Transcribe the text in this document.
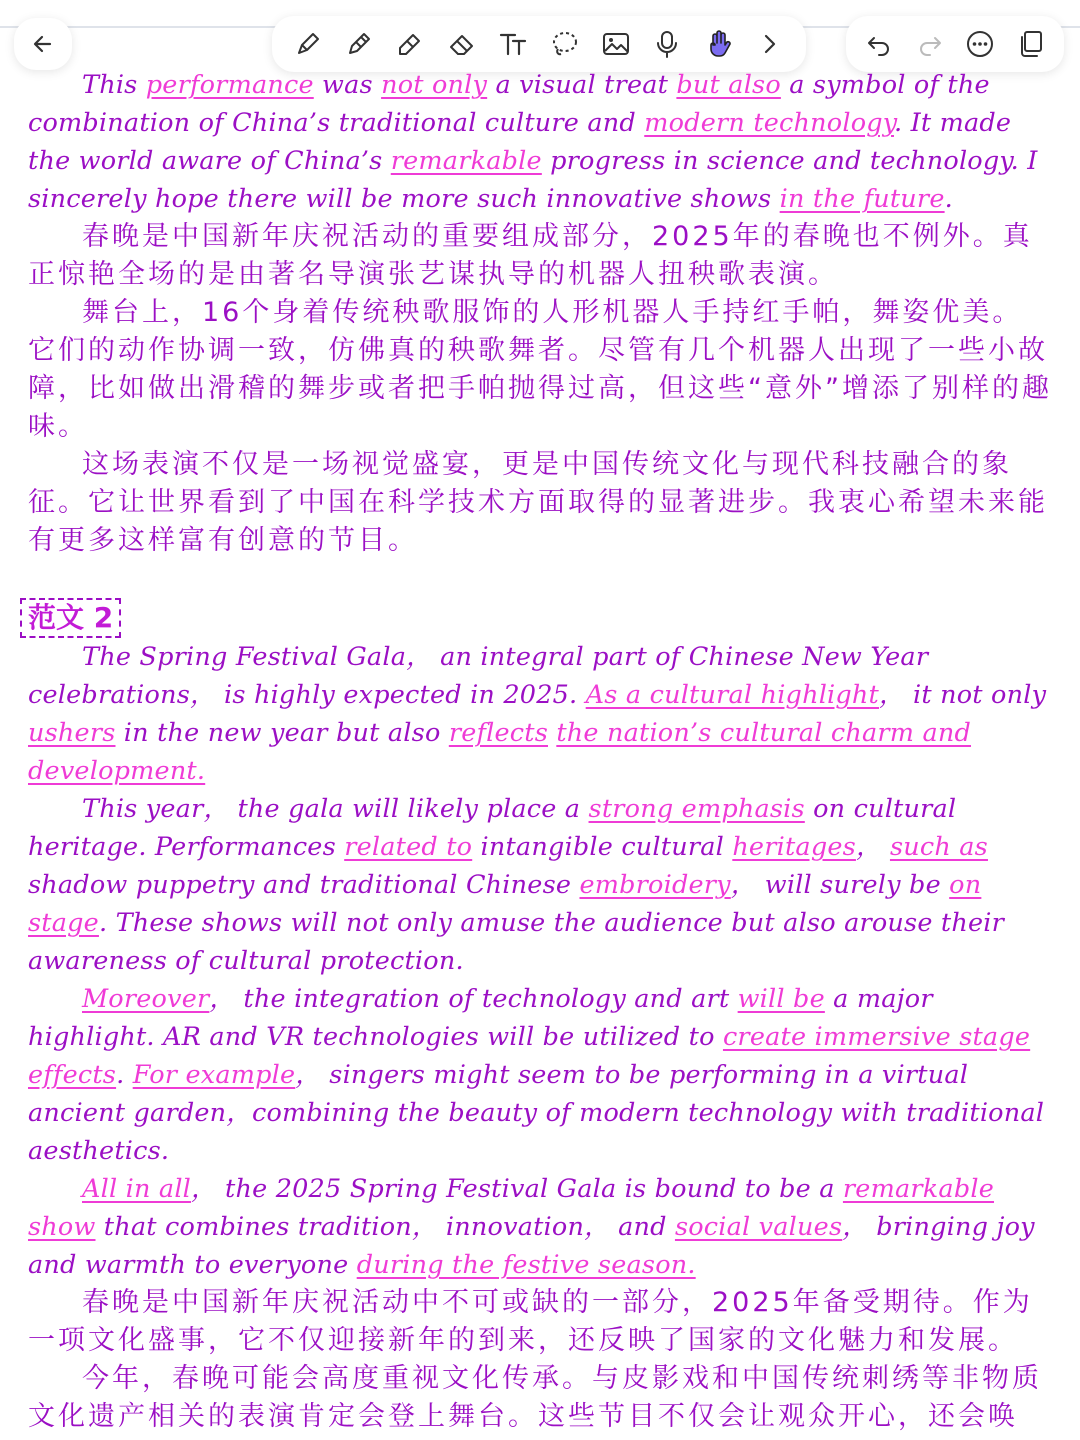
This performance was not only a visual treat but also a symbol of the combination of China’s traditional culture and modern technology. It made the world aware of China’s remarkable progress in science and technology. I sincerely hope there will be more such innovative shows in the future.

春晚是中国新年庆祝活动的重要组成部分，2025年的春晚也不例外。真正惊艳全场的是由著名导演张艺谋执导的机器人扭秧歌表演。

舞台上，16个身着传统秧歌服饰的人形机器人手持红手帕，舞姿优美。它们的动作协调一致，仿佛真的秧歌舞者。尽管有几个机器人出现了一些小故障，比如做出滑稽的舞步或者把手帕抛得过高，但这些“意外”增添了别样的趣味。

这场表演不仅是一场视觉盛宴，更是中国传统文化与现代科技融合的象征。它让世界看到了中国在科学技术方面取得的显著进步。我衷心希望未来能有更多这样富有创意的节目。

范文 2

The Spring Festival Gala， an integral part of Chinese New Year celebrations， is highly expected in 2025. As a cultural highlight， it not only ushers in the new year but also reflects the nation’s cultural charm and development.

This year， the gala will likely place a strong emphasis on cultural heritage. Performances related to intangible cultural heritages， such as shadow puppetry and traditional Chinese embroidery， will surely be on stage. These shows will not only amuse the audience but also arouse their awareness of cultural protection.

Moreover， the integration of technology and art will be a major highlight. AR and VR technologies will be utilized to create immersive stage effects. For example， singers might seem to be performing in a virtual ancient garden，combining the beauty of modern technology with traditional aesthetics.

All in all， the 2025 Spring Festival Gala is bound to be a remarkable show that combines tradition， innovation， and social values， bringing joy and warmth to everyone during the festive season.

春晚是中国新年庆祝活动中不可或缺的一部分，2025年备受期待。作为一项文化盛事，它不仅迎接新年的到来，还反映了国家的文化魅力和发展。

今年，春晚可能会高度重视文化传承。与皮影戏和中国传统刺绣等非物质文化遗产相关的表演肯定会登上舞台。这些节目不仅会让观众开心，还会唤
